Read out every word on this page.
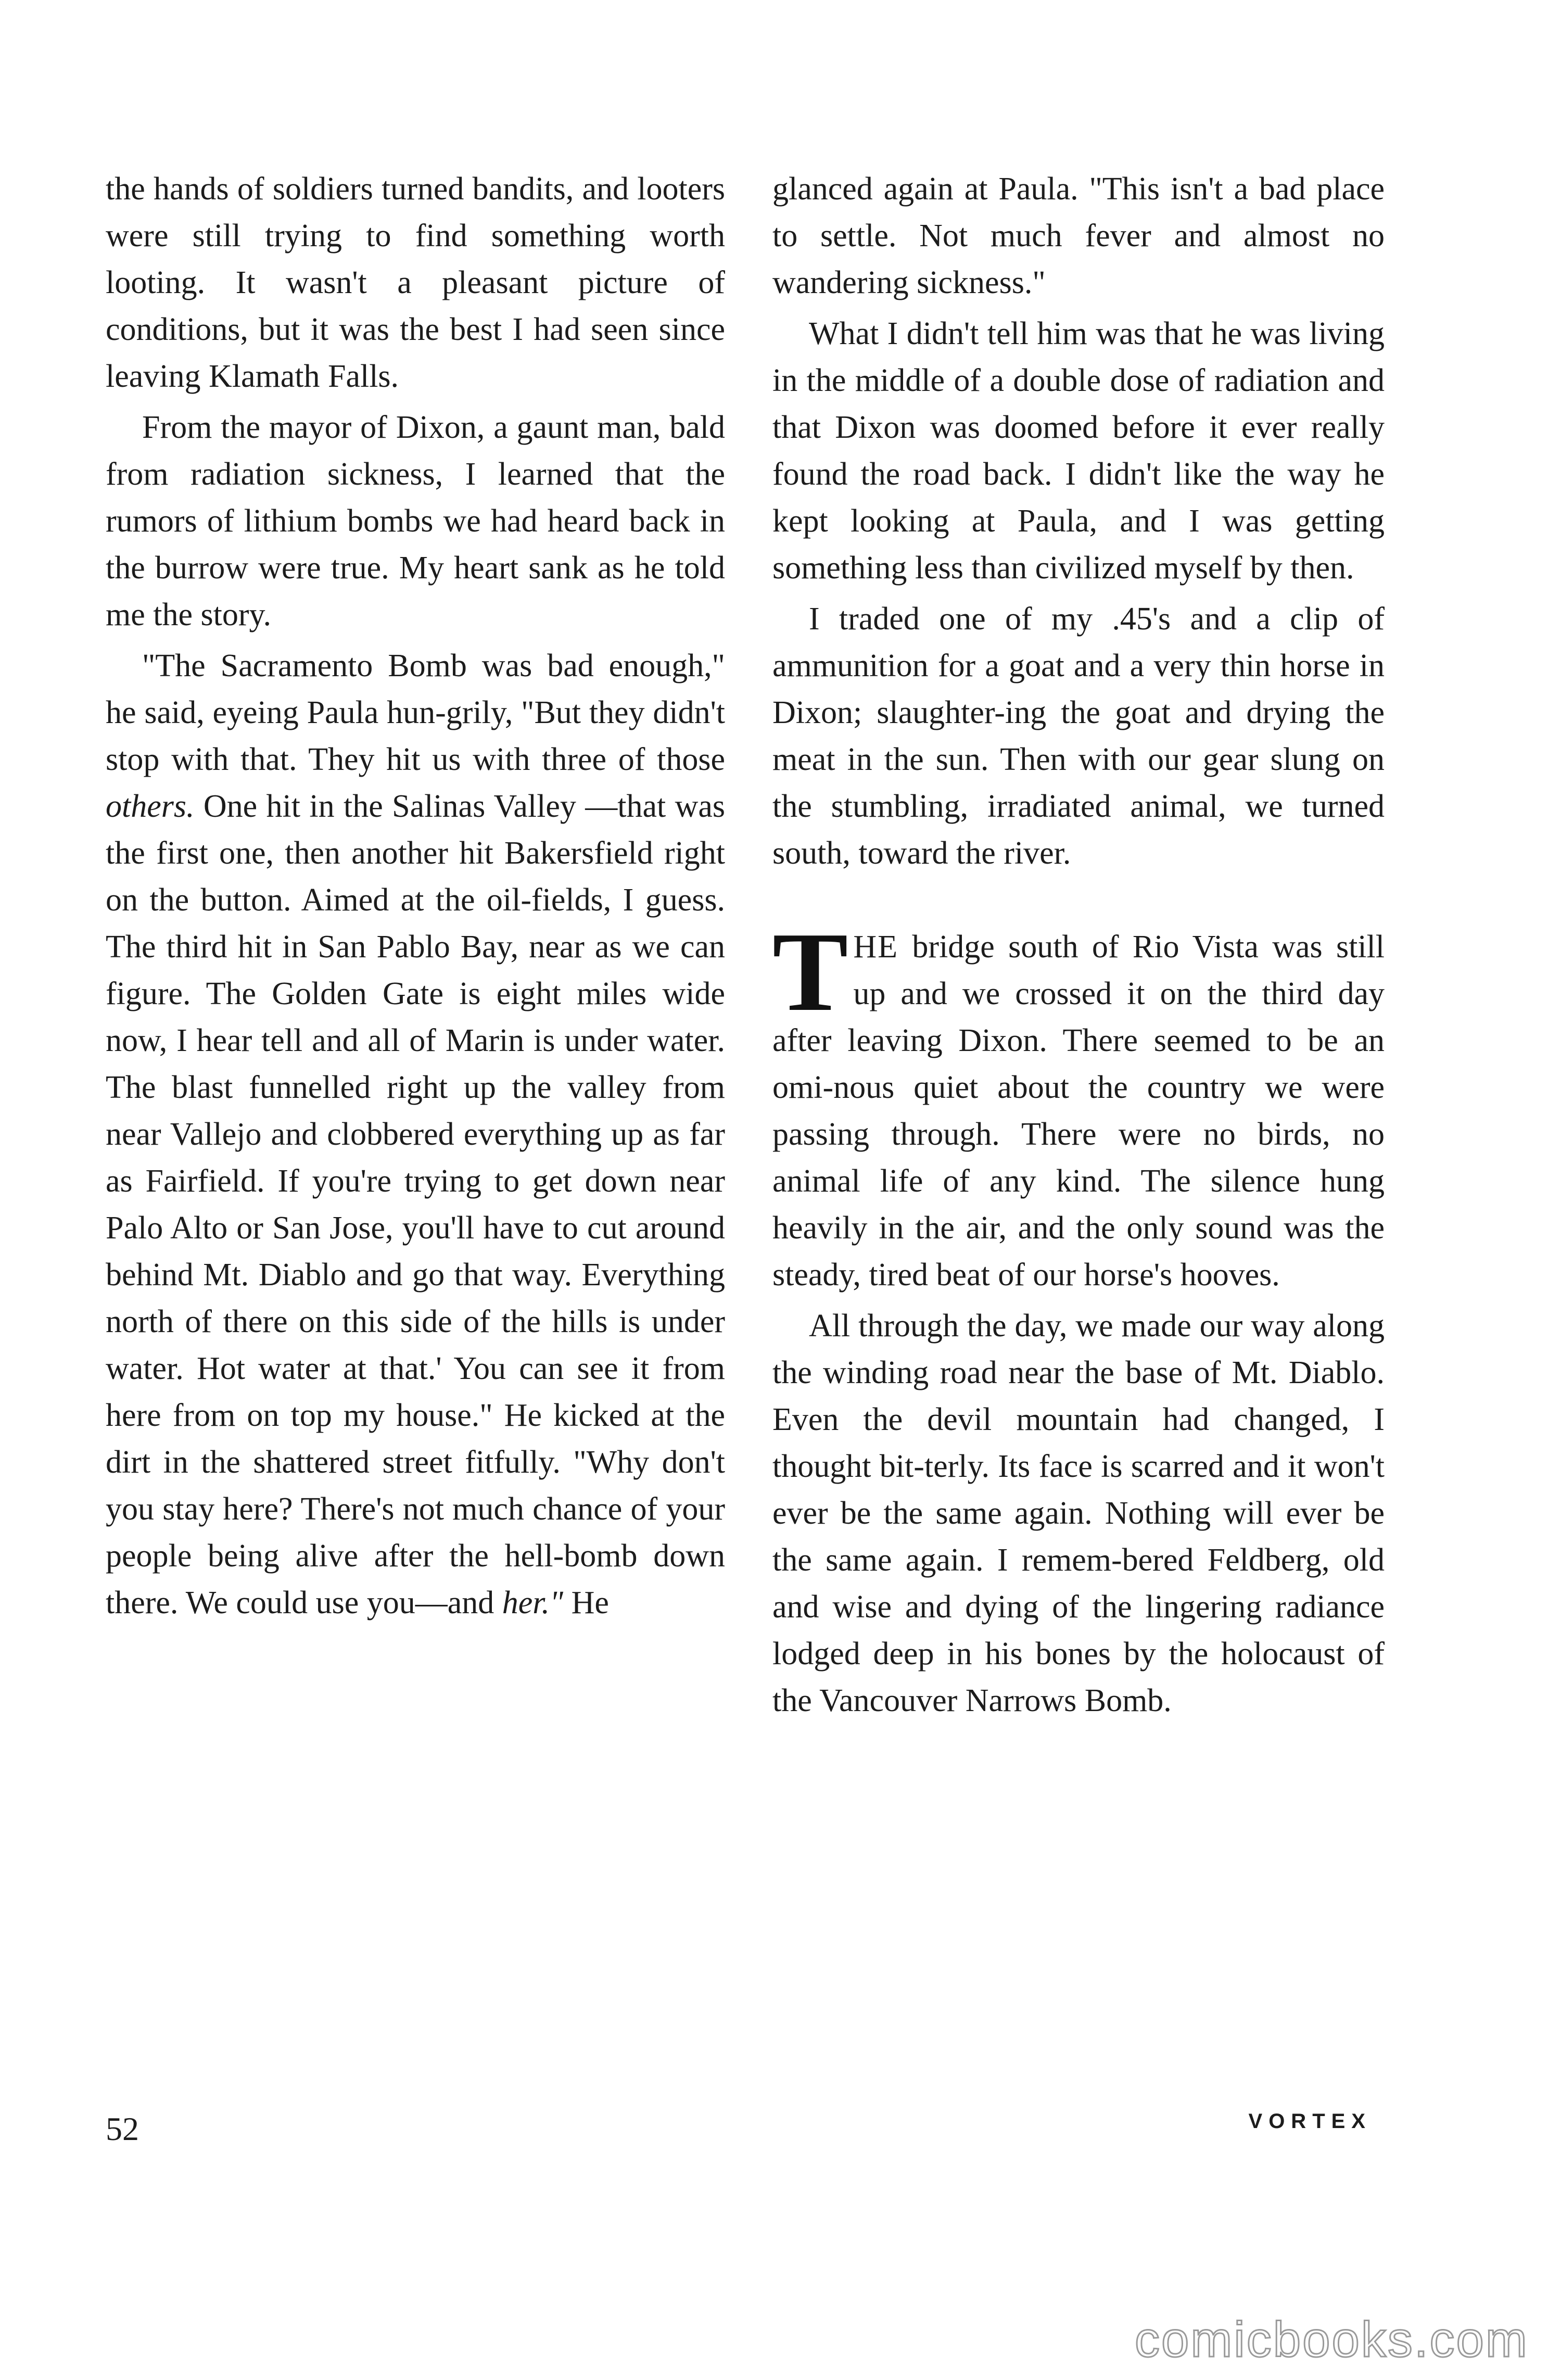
the hands of soldiers turned bandits, and looters were still trying to find something worth looting. It wasn't a pleasant picture of conditions, but it was the best I had seen since leaving Klamath Falls.

From the mayor of Dixon, a gaunt man, bald from radiation sickness, I learned that the rumors of lithium bombs we had heard back in the burrow were true. My heart sank as he told me the story.

"The Sacramento Bomb was bad enough," he said, eyeing Paula hun-grily, "But they didn't stop with that. They hit us with three of those others. One hit in the Salinas Valley —that was the first one, then another hit Bakersfield right on the button. Aimed at the oil-fields, I guess. The third hit in San Pablo Bay, near as we can figure. The Golden Gate is eight miles wide now, I hear tell and all of Marin is under water. The blast funnelled right up the valley from near Vallejo and clobbered everything up as far as Fairfield. If you're trying to get down near Palo Alto or San Jose, you'll have to cut around behind Mt. Diablo and go that way. Everything north of there on this side of the hills is under water. Hot water at that.' You can see it from here from on top my house." He kicked at the dirt in the shattered street fitfully. "Why don't you stay here? There's not much chance of your people being alive after the hell-bomb down there. We could use you—and her." He

glanced again at Paula. "This isn't a bad place to settle. Not much fever and almost no wandering sickness."

What I didn't tell him was that he was living in the middle of a double dose of radiation and that Dixon was doomed before it ever really found the road back. I didn't like the way he kept looking at Paula, and I was getting something less than civilized myself by then.

I traded one of my .45's and a clip of ammunition for a goat and a very thin horse in Dixon; slaughter-ing the goat and drying the meat in the sun. Then with our gear slung on the stumbling, irradiated animal, we turned south, toward the river.

THE bridge south of Rio Vista was still up and we crossed it on the third day after leaving Dixon. There seemed to be an omi-nous quiet about the country we were passing through. There were no birds, no animal life of any kind. The silence hung heavily in the air, and the only sound was the steady, tired beat of our horse's hooves.

All through the day, we made our way along the winding road near the base of Mt. Diablo. Even the devil mountain had changed, I thought bit-terly. Its face is scarred and it won't ever be the same again. Nothing will ever be the same again. I remem-bered Feldberg, old and wise and dying of the lingering radiance lodged deep in his bones by the holocaust of the Vancouver Narrows Bomb.

52	VORTEX
comicbooks.com
